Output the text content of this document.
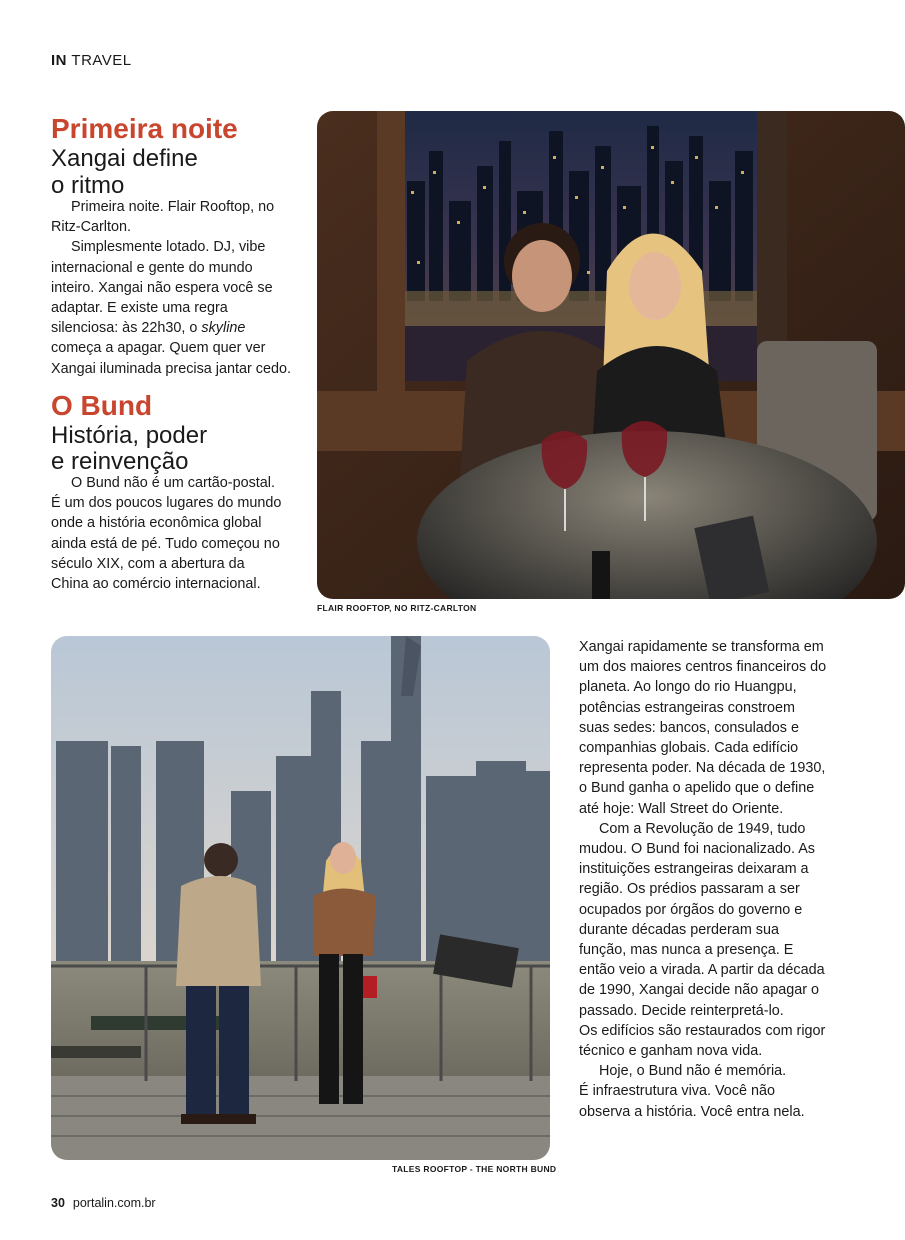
IN TRAVEL
Primeira noite
Xangai define
o ritmo

Primeira noite. Flair Rooftop, no Ritz-Carlton.

Simplesmente lotado. DJ, vibe internacional e gente do mundo inteiro. Xangai não espera você se adaptar. E existe uma regra silenciosa: às 22h30, o skyline começa a apagar. Quem quer ver Xangai iluminada precisa jantar cedo.

O Bund
História, poder
e reinvenção

O Bund não é um cartão-postal. É um dos poucos lugares do mundo onde a história econômica global ainda está de pé. Tudo começou no século XIX, com a abertura da China ao comércio internacional.

FLAIR ROOFTOP, NO RITZ-CARLTON
TALES ROOFTOP - THE NORTH BUND

Xangai rapidamente se transforma em um dos maiores centros financeiros do planeta. Ao longo do rio Huangpu, potências estrangeiras constroem suas sedes: bancos, consulados e companhias globais. Cada edifício representa poder. Na década de 1930, o Bund ganha o apelido que o define até hoje: Wall Street do Oriente.

Com a Revolução de 1949, tudo mudou. O Bund foi nacionalizado. As instituições estrangeiras deixaram a região. Os prédios passaram a ser ocupados por órgãos do governo e durante décadas perderam sua função, mas nunca a presença. E então veio a virada. A partir da década de 1990, Xangai decide não apagar o passado. Decide reinterpretá-lo.

Os edifícios são restaurados com rigor técnico e ganham nova vida.

Hoje, o Bund não é memória.

É infraestrutura viva. Você não observa a história. Você entra nela.

30 portalin.com.br
